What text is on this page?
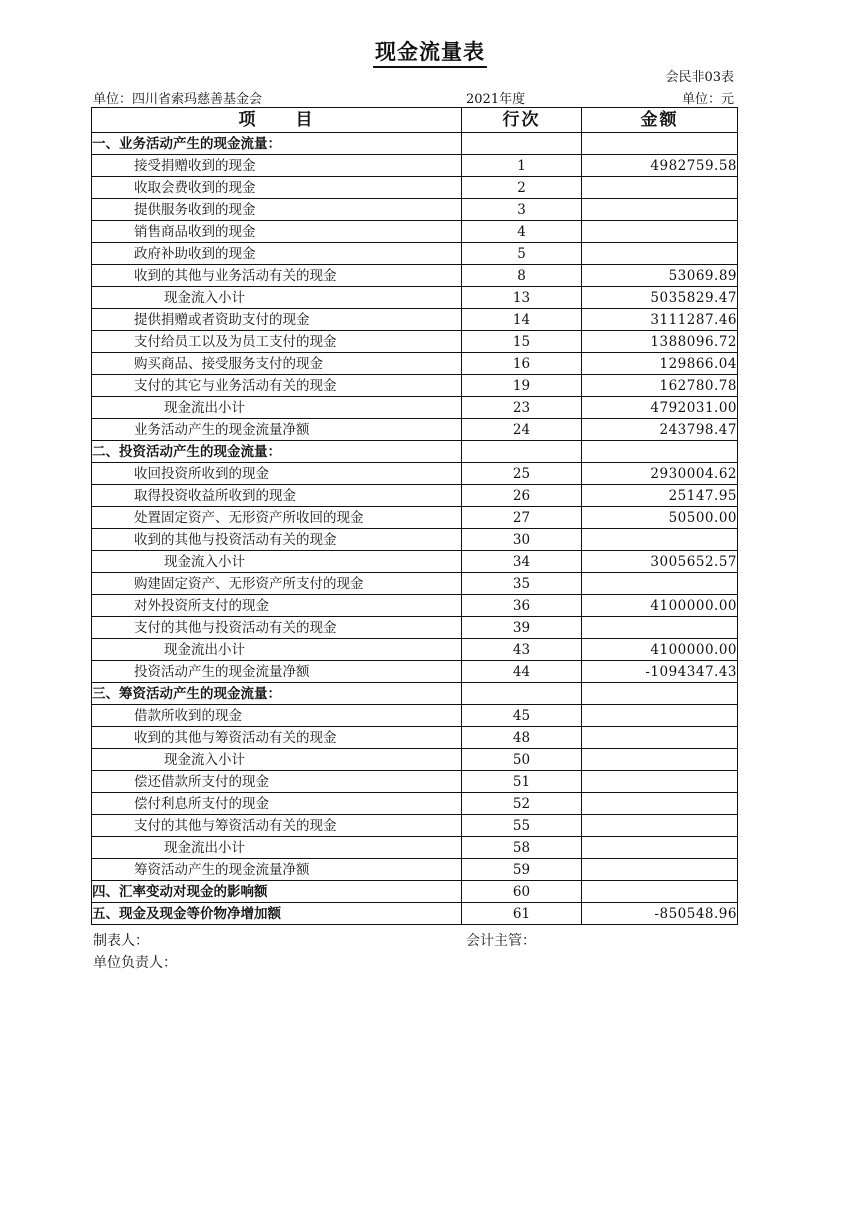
现金流量表
会民非03表
单位：四川省索玛慈善基金会	2021年度	单位：元
项　　目	行次	金额
一、业务活动产生的现金流量：		
接受捐赠收到的现金	1	4982759.58
收取会费收到的现金	2	
提供服务收到的现金	3	
销售商品收到的现金	4	
政府补助收到的现金	5	
收到的其他与业务活动有关的现金	8	53069.89
现金流入小计	13	5035829.47
提供捐赠或者资助支付的现金	14	3111287.46
支付给员工以及为员工支付的现金	15	1388096.72
购买商品、接受服务支付的现金	16	129866.04
支付的其它与业务活动有关的现金	19	162780.78
现金流出小计	23	4792031.00
业务活动产生的现金流量净额	24	243798.47
二、投资活动产生的现金流量：		
收回投资所收到的现金	25	2930004.62
取得投资收益所收到的现金	26	25147.95
处置固定资产、无形资产所收回的现金	27	50500.00
收到的其他与投资活动有关的现金	30	
现金流入小计	34	3005652.57
购建固定资产、无形资产所支付的现金	35	
对外投资所支付的现金	36	4100000.00
支付的其他与投资活动有关的现金	39	
现金流出小计	43	4100000.00
投资活动产生的现金流量净额	44	-1094347.43
三、筹资活动产生的现金流量：		
借款所收到的现金	45	
收到的其他与筹资活动有关的现金	48	
现金流入小计	50	
偿还借款所支付的现金	51	
偿付利息所支付的现金	52	
支付的其他与筹资活动有关的现金	55	
现金流出小计	58	
筹资活动产生的现金流量净额	59	
四、汇率变动对现金的影响额	60	
五、现金及现金等价物净增加额	61	-850548.96
制表人：	会计主管：
单位负责人：
